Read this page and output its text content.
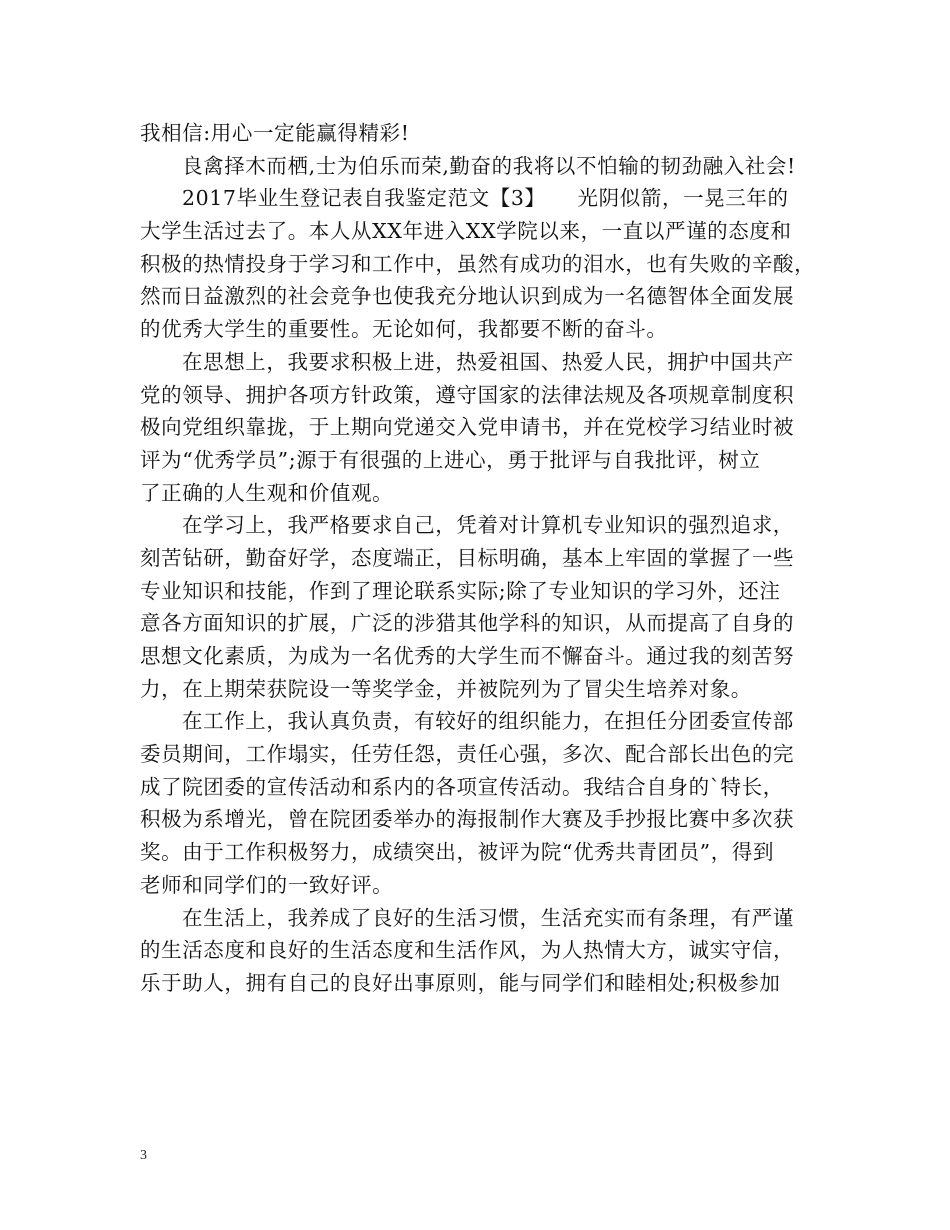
我相信:用心一定能赢得精彩!
良禽择木而栖,士为伯乐而荣,勤奋的我将以不怕输的韧劲融入社会!
2017毕业生登记表自我鉴定范文【3】　　光阴似箭，一晃三年的
大学生活过去了。本人从XX年进入XX学院以来，一直以严谨的态度和
积极的热情投身于学习和工作中，虽然有成功的泪水，也有失败的辛酸，
然而日益激烈的社会竞争也使我充分地认识到成为一名德智体全面发展
的优秀大学生的重要性。无论如何，我都要不断的奋斗。
在思想上，我要求积极上进，热爱祖国、热爱人民，拥护中国共产
党的领导、拥护各项方针政策，遵守国家的法律法规及各项规章制度积
极向党组织靠拢，于上期向党递交入党申请书，并在党校学习结业时被
评为“优秀学员”;源于有很强的上进心，勇于批评与自我批评，树立
了正确的人生观和价值观。
在学习上，我严格要求自己，凭着对计算机专业知识的强烈追求，
刻苦钻研，勤奋好学，态度端正，目标明确，基本上牢固的掌握了一些
专业知识和技能，作到了理论联系实际;除了专业知识的学习外，还注
意各方面知识的扩展，广泛的涉猎其他学科的知识，从而提高了自身的
思想文化素质，为成为一名优秀的大学生而不懈奋斗。通过我的刻苦努
力，在上期荣获院设一等奖学金，并被院列为了冒尖生培养对象。
在工作上，我认真负责，有较好的组织能力，在担任分团委宣传部
委员期间，工作塌实，任劳任怨，责任心强，多次、配合部长出色的完
成了院团委的宣传活动和系内的各项宣传活动。我结合自身的`特长，
积极为系增光，曾在院团委举办的海报制作大赛及手抄报比赛中多次获
奖。由于工作积极努力，成绩突出，被评为院“优秀共青团员”，得到
老师和同学们的一致好评。
在生活上，我养成了良好的生活习惯，生活充实而有条理，有严谨
的生活态度和良好的生活态度和生活作风，为人热情大方，诚实守信，
乐于助人，拥有自己的良好出事原则，能与同学们和睦相处;积极参加
3
